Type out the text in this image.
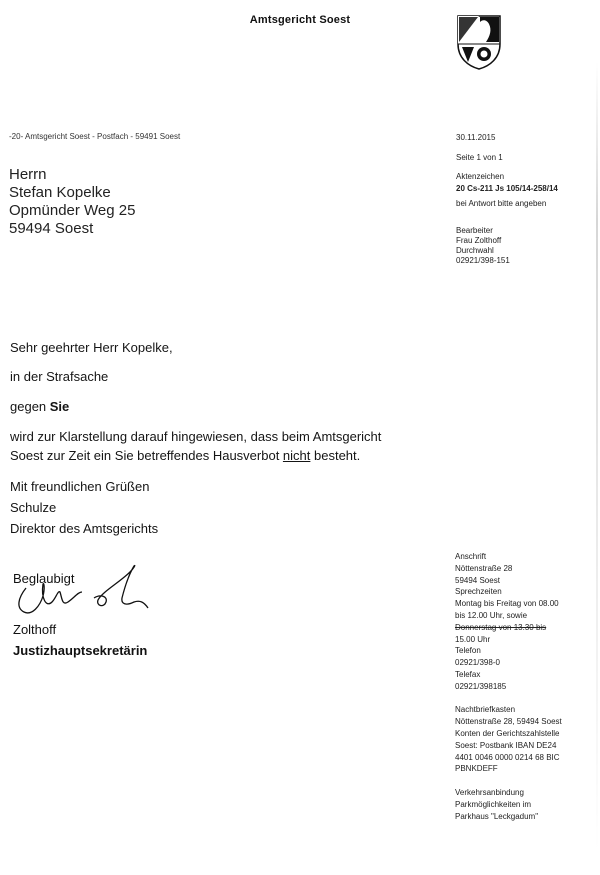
Amtsgericht Soest
-20- Amtsgericht Soest - Postfach - 59491 Soest
Herrn
Stefan Kopelke
Opmünder Weg 25
59494 Soest
30.11.2015
Seite 1 von 1
Aktenzeichen
20 Cs-211 Js 105/14-258/14
bei Antwort bitte angeben
Bearbeiter
Frau Zolthoff
Durchwahl
02921/398-151
Sehr geehrter Herr Kopelke,
in der Strafsache
gegen Sie
wird zur Klarstellung darauf hingewiesen, dass beim Amtsgericht
Soest zur Zeit ein Sie betreffendes Hausverbot nicht besteht.
Mit freundlichen Grüßen
Schulze
Direktor des Amtsgerichts
Beglaubigt
Zolthoff
Justizhauptsekretärin
Anschrift
Nöttenstraße 28
59494 Soest
Sprechzeiten
Montag bis Freitag von 08.00
bis 12.00 Uhr, sowie
Donnerstag von 13.30 bis
15.00 Uhr
Telefon
02921/398-0
Telefax
02921/398185
Nachtbriefkasten
Nöttenstraße 28, 59494 Soest
Konten der Gerichtszahlstelle
Soest: Postbank IBAN DE24
4401 0046 0000 0214 68 BIC
PBNKDEFF
Verkehrsanbindung
Parkmöglichkeiten im
Parkhaus "Leckgadum"
